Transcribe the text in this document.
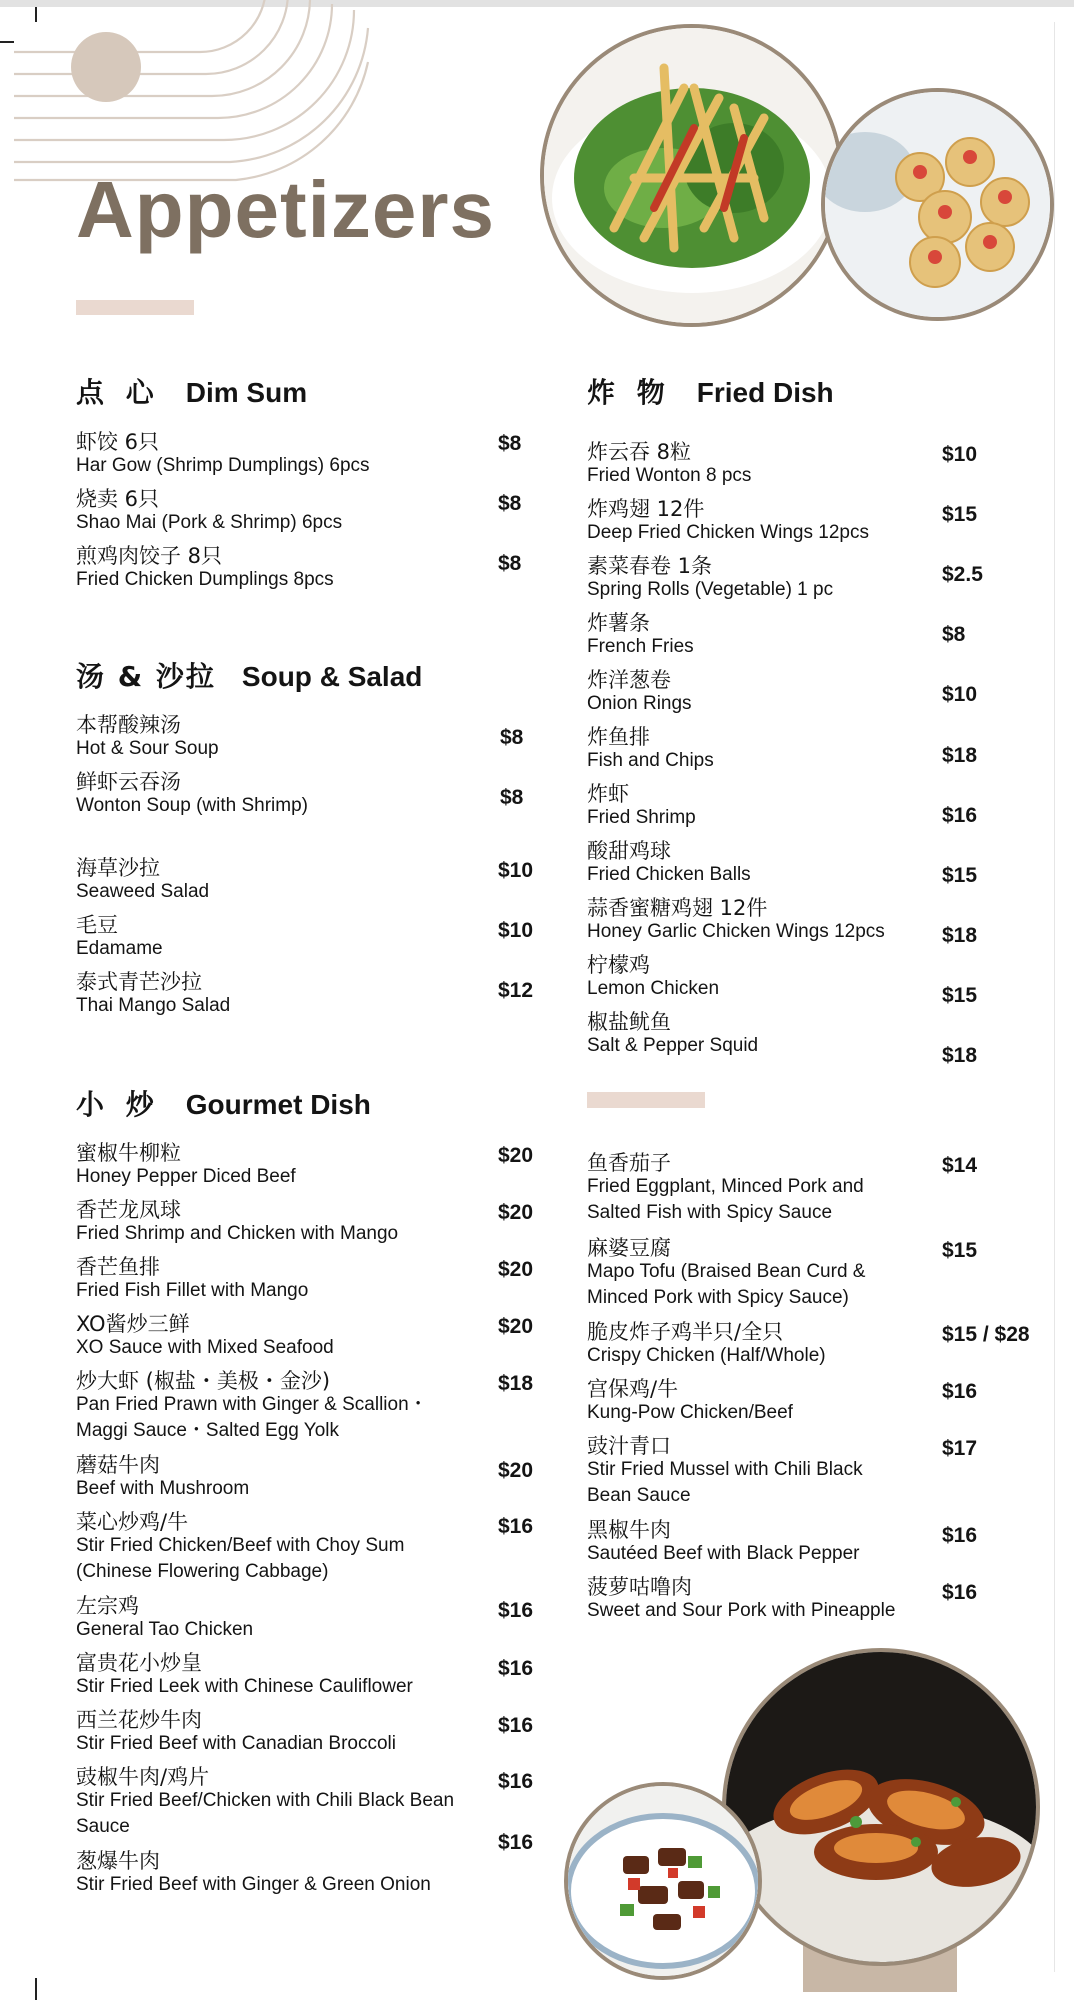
Appetizers
点 心 Dim Sum
汤 & 沙拉 Soup & Salad
小 炒 Gourmet Dish
炸 物 Fried Dish
虾饺 6只
Har Gow (Shrimp Dumplings) 6pcs
$8
烧卖 6只
Shao Mai (Pork & Shrimp) 6pcs
$8
煎鸡肉饺子 8只
Fried Chicken Dumplings 8pcs
$8
本帮酸辣汤
Hot & Sour Soup	$8
鲜虾云吞汤
Wonton Soup (with Shrimp)	$8
海草沙拉
Seaweed Salad
$10
毛豆
Edamame
$10
泰式青芒沙拉
Thai Mango Salad
$12
蜜椒牛柳粒
Honey Pepper Diced Beef
$20
香芒龙凤球
Fried Shrimp and Chicken with Mango
$20
香芒鱼排
Fried Fish Fillet with Mango
$20
XO酱炒三鲜
XO Sauce with Mixed Seafood
$20
炒大虾 (椒盐・美极・金沙)
Pan Fried Prawn with Ginger & Scallion・
Maggi Sauce・Salted Egg Yolk
$18
蘑菇牛肉
Beef with Mushroom
$20
菜心炒鸡/牛
Stir Fried Chicken/Beef with Choy Sum
(Chinese Flowering Cabbage)
$16
左宗鸡
General Tao Chicken
$16
富贵花小炒皇
Stir Fried Leek with Chinese Cauliflower
$16
西兰花炒牛肉
Stir Fried Beef with Canadian Broccoli
$16
豉椒牛肉/鸡片
Stir Fried Beef/Chicken with Chili Black Bean
Sauce
$16
葱爆牛肉
Stir Fried Beef with Ginger & Green Onion
$16
炸云吞 8粒
Fried Wonton 8 pcs
$10
炸鸡翅 12件
Deep Fried Chicken Wings 12pcs
$15
素菜春卷 1条
Spring Rolls (Vegetable) 1 pc
$2.5
炸薯条
French Fries
$8
炸洋葱卷
Onion Rings	$10
炸鱼排
Fish and Chips	$18
炸虾
Fried Shrimp	$16
酸甜鸡球
Fried Chicken Balls	$15
蒜香蜜糖鸡翅 12件
Honey Garlic Chicken Wings 12pcs	$18
柠檬鸡
Lemon Chicken	$15
椒盐鱿鱼
Salt & Pepper Squid	$18
鱼香茄子
Fried Eggplant, Minced Pork and
Salted Fish with Spicy Sauce
$14
麻婆豆腐
Mapo Tofu (Braised Bean Curd &
Minced Pork with Spicy Sauce)
$15
脆皮炸子鸡半只/全只
Crispy Chicken (Half/Whole)
$15 / $28
宫保鸡/牛
Kung-Pow Chicken/Beef
$16
豉汁青口
Stir Fried Mussel with Chili Black
Bean Sauce
$17
黑椒牛肉
Sautéed Beef with Black Pepper
$16
菠萝咕噜肉
Sweet and Sour Pork with Pineapple
$16
